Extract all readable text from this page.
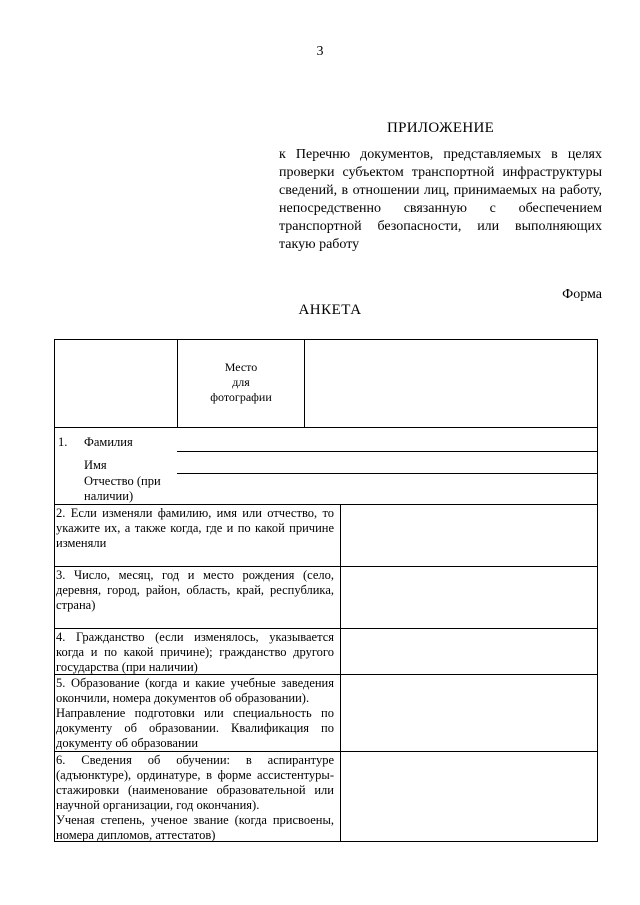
3
ПРИЛОЖЕНИЕ
к Перечню документов, представляемых в целях проверки субъектом транспортной инфраструктуры сведений, в отношении лиц, принимаемых на работу, непосредственно связанную с обеспечением транспортной безопасности, или выполняющих такую работу
Форма
АНКЕТА
Место
для
фотографии
1. Фамилия
Имя
Отчество (при наличии)
2. Если изменяли фамилию, имя или отчество, то укажите их, а также когда, где и по какой причине изменяли
3. Число, месяц, год и место рождения (село, деревня, город, район, область, край, республика, страна)
4. Гражданство (если изменялось, указывается когда и по какой причине); гражданство другого государства (при наличии)
5. Образование (когда и какие учебные заведения окончили, номера документов об образовании).
Направление подготовки или специальность по документу об образовании. Квалификация по документу об образовании
6. Сведения об обучении: в аспирантуре (адъюнктуре), ординатуре, в форме ассистентуры-стажировки (наименование образовательной или научной организации, год окончания).
Ученая степень, ученое звание (когда присвоены, номера дипломов, аттестатов)
